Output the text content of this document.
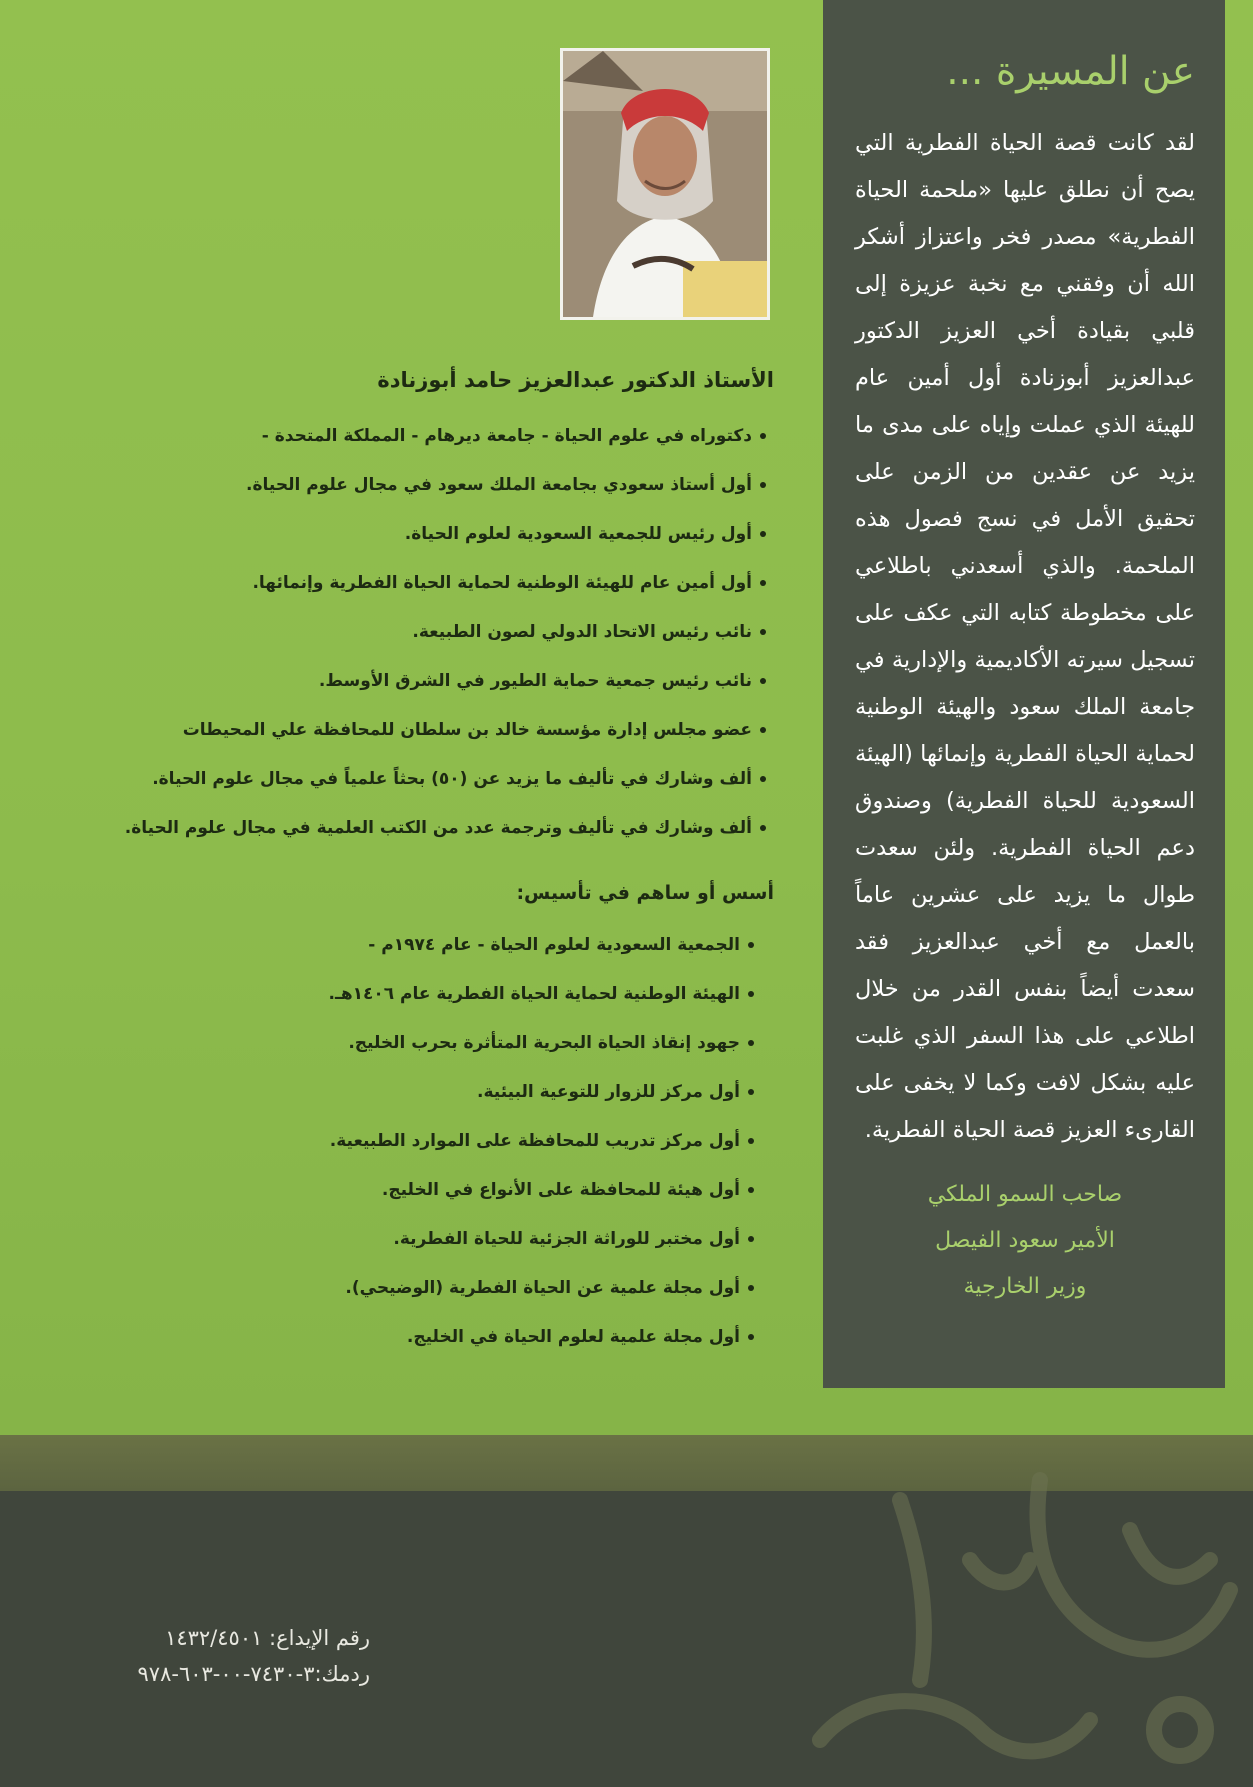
عن المسيرة ...
لقد كانت قصة الحياة الفطرية التي يصح أن نطلق عليها «ملحمة الحياة الفطرية» مصدر فخر واعتزاز أشكر الله أن وفقني مع نخبة عزيزة إلى قلبي بقيادة أخي العزيز الدكتور عبدالعزيز أبوزنادة أول أمين عام للهيئة الذي عملت وإياه على مدى ما يزيد عن عقدين من الزمن على تحقيق الأمل في نسج فصول هذه الملحمة. والذي أسعدني باطلاعي على مخطوطة كتابه التي عكف على تسجيل سيرته الأكاديمية والإدارية في جامعة الملك سعود والهيئة الوطنية لحماية الحياة الفطرية وإنمائها (الهيئة السعودية للحياة الفطرية) وصندوق دعم الحياة الفطرية. ولئن سعدت طوال ما يزيد على عشرين عاماً بالعمل مع أخي عبدالعزيز فقد سعدت أيضاً بنفس القدر من خلال اطلاعي على هذا السفر الذي غلبت عليه بشكل لافت وكما لا يخفى على القارىء العزيز قصة الحياة الفطرية.
صاحب السمو الملكي
الأمير سعود الفيصل
وزير الخارجية
الأستاذ الدكتور عبدالعزيز حامد أبوزنادة
دكتوراه في علوم الحياة - جامعة ديرهام - المملكة المتحدة -
أول أستاذ سعودي بجامعة الملك سعود في مجال علوم الحياة.
أول رئيس للجمعية السعودية لعلوم الحياة.
أول أمين عام للهيئة الوطنية لحماية الحياة الفطرية وإنمائها.
نائب رئيس الاتحاد الدولي لصون الطبيعة.
نائب رئيس جمعية حماية الطيور في الشرق الأوسط.
عضو مجلس إدارة مؤسسة خالد بن سلطان للمحافظة علي المحيطات
ألف وشارك في تأليف ما يزيد عن (٥٠) بحثاً علمياً في مجال علوم الحياة.
ألف وشارك في تأليف وترجمة عدد من الكتب العلمية في مجال علوم الحياة.
أسس أو ساهم في تأسيس:
الجمعية السعودية لعلوم الحياة - عام ١٩٧٤م -
الهيئة الوطنية لحماية الحياة الفطرية عام ١٤٠٦هـ.
جهود إنقاذ الحياة البحرية المتأثرة بحرب الخليج.
أول مركز للزوار للتوعية البيئية.
أول مركز تدريب للمحافظة على الموارد الطبيعية.
أول هيئة للمحافظة على الأنواع في الخليج.
أول مختبر للوراثة الجزئية للحياة الفطرية.
أول مجلة علمية عن الحياة الفطرية (الوضيحي).
أول مجلة علمية لعلوم الحياة في الخليج.
رقم الإيداع: ١٤٣٢/٤٥٠١
ردمك:٣-٧٤٣٠-٠٠-٦٠٣-٩٧٨
